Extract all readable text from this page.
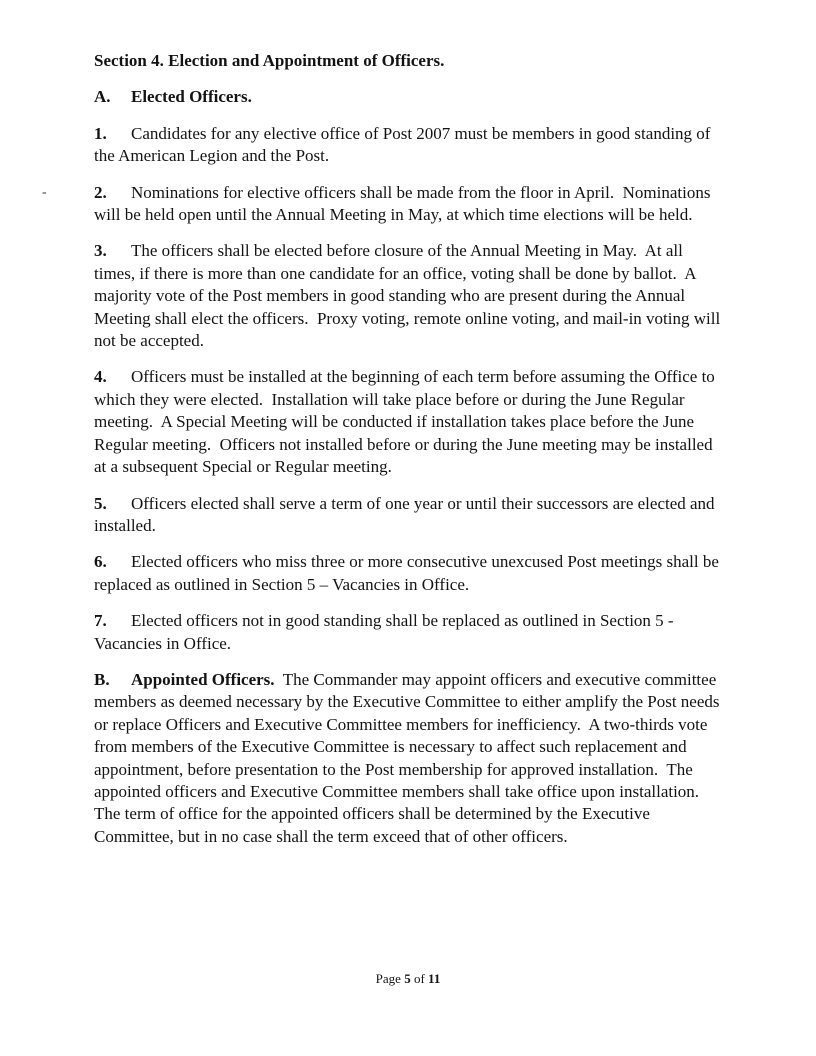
-

Section 4. Election and Appointment of Officers.

A. Elected Officers.

1. Candidates for any elective office of Post 2007 must be members in good standing of the American Legion and the Post.

2. Nominations for elective officers shall be made from the floor in April.  Nominations will be held open until the Annual Meeting in May, at which time elections will be held.

3. The officers shall be elected before closure of the Annual Meeting in May.  At all times, if there is more than one candidate for an office, voting shall be done by ballot.  A majority vote of the Post members in good standing who are present during the Annual Meeting shall elect the officers.  Proxy voting, remote online voting, and mail-in voting will not be accepted.

4. Officers must be installed at the beginning of each term before assuming the Office to which they were elected.  Installation will take place before or during the June Regular meeting.  A Special Meeting will be conducted if installation takes place before the June Regular meeting.  Officers not installed before or during the June meeting may be installed at a subsequent Special or Regular meeting.

5. Officers elected shall serve a term of one year or until their successors are elected and installed.

6. Elected officers who miss three or more consecutive unexcused Post meetings shall be replaced as outlined in Section 5 – Vacancies in Office.

7. Elected officers not in good standing shall be replaced as outlined in Section 5 - Vacancies in Office.

B. Appointed Officers.  The Commander may appoint officers and executive committee members as deemed necessary by the Executive Committee to either amplify the Post needs or replace Officers and Executive Committee members for inefficiency.  A two-thirds vote from members of the Executive Committee is necessary to affect such replacement and appointment, before presentation to the Post membership for approved installation.  The appointed officers and Executive Committee members shall take office upon installation.  The term of office for the appointed officers shall be determined by the Executive Committee, but in no case shall the term exceed that of other officers.

Page 5 of 11
